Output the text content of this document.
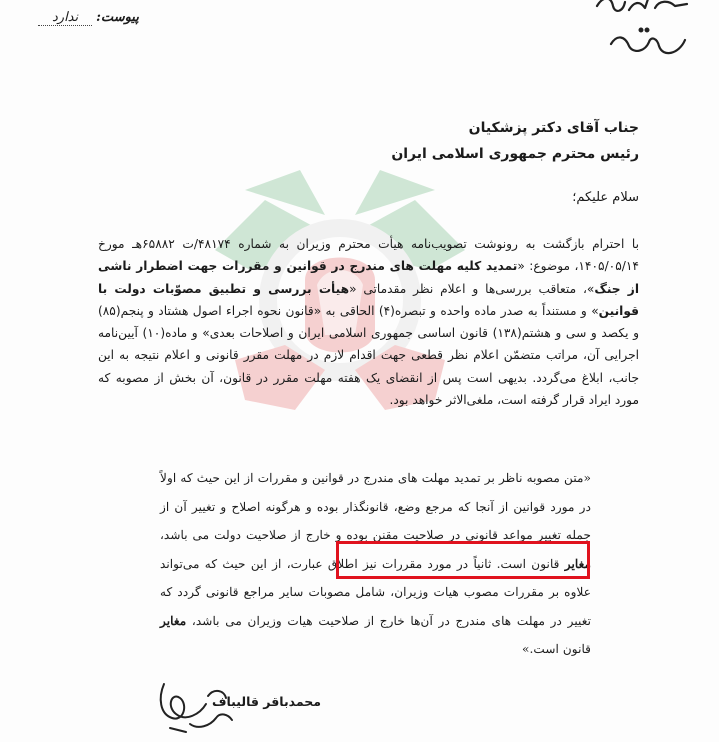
پیوست:ندارد
جناب آقای دکتر پزشکیان
رئیس محترم جمهوری اسلامی ایران
سلام علیکم؛

با احترام بازگشت به رونوشت تصویب‌نامه هیأت محترم وزیران به شماره ۴۸۱۷۴/ت ۶۵۸۸۲هـ مورخ ۱۴۰۵/۰۵/۱۴، موضوع: «تمدید کلیه مهلت های مندرج در قوانین و مقررات جهت اضطرار ناشی از جنگ»، متعاقب بررسی‌ها و اعلام نظر مقدماتی «هیأت بررسی و تطبیق مصوّبات دولت با قوانین» و مستنداً به صدر ماده واحده و تبصره(۴) الحاقی به «قانون نحوه اجراء اصول هشتاد و پنجم(۸۵) و یکصد و سی و هشتم(۱۳۸) قانون اساسی جمهوری اسلامی ایران و اصلاحات بعدی» و ماده(۱۰) آیین‌نامه اجرایی آن، مراتب متضمّن اعلام نظر قطعی جهت اقدام لازم در مهلت مقرر قانونی و اعلام نتیجه به این جانب، ابلاغ می‌گردد. بدیهی است پس از انقضای یک هفته مهلت مقرر در قانون، آن بخش از مصوبه که مورد ایراد قرار گرفته است، ملغی‌الاثر خواهد بود.

«متن مصوبه ناظر بر تمدید مهلت های مندرج در قوانین و مقررات از این حیث که اولاً در مورد قوانین از آنجا که مرجع وضع، قانونگذار بوده و هرگونه اصلاح و تغییر آن از جمله تغییر مواعد قانونی در صلاحیت مقنن بوده و خارج از صلاحیت دولت می باشد، مغایر قانون است. ثانیاً در مورد مقررات نیز اطلاق عبارت، از این حیث که می‌تواند علاوه بر مقررات مصوب هیات وزیران، شامل مصوبات سایر مراجع قانونی گردد که تغییر در مهلت های مندرج در آن‌ها خارج از صلاحیت هیات وزیران می باشد، مغایر قانون است.»

محمدباقر قالیباف
